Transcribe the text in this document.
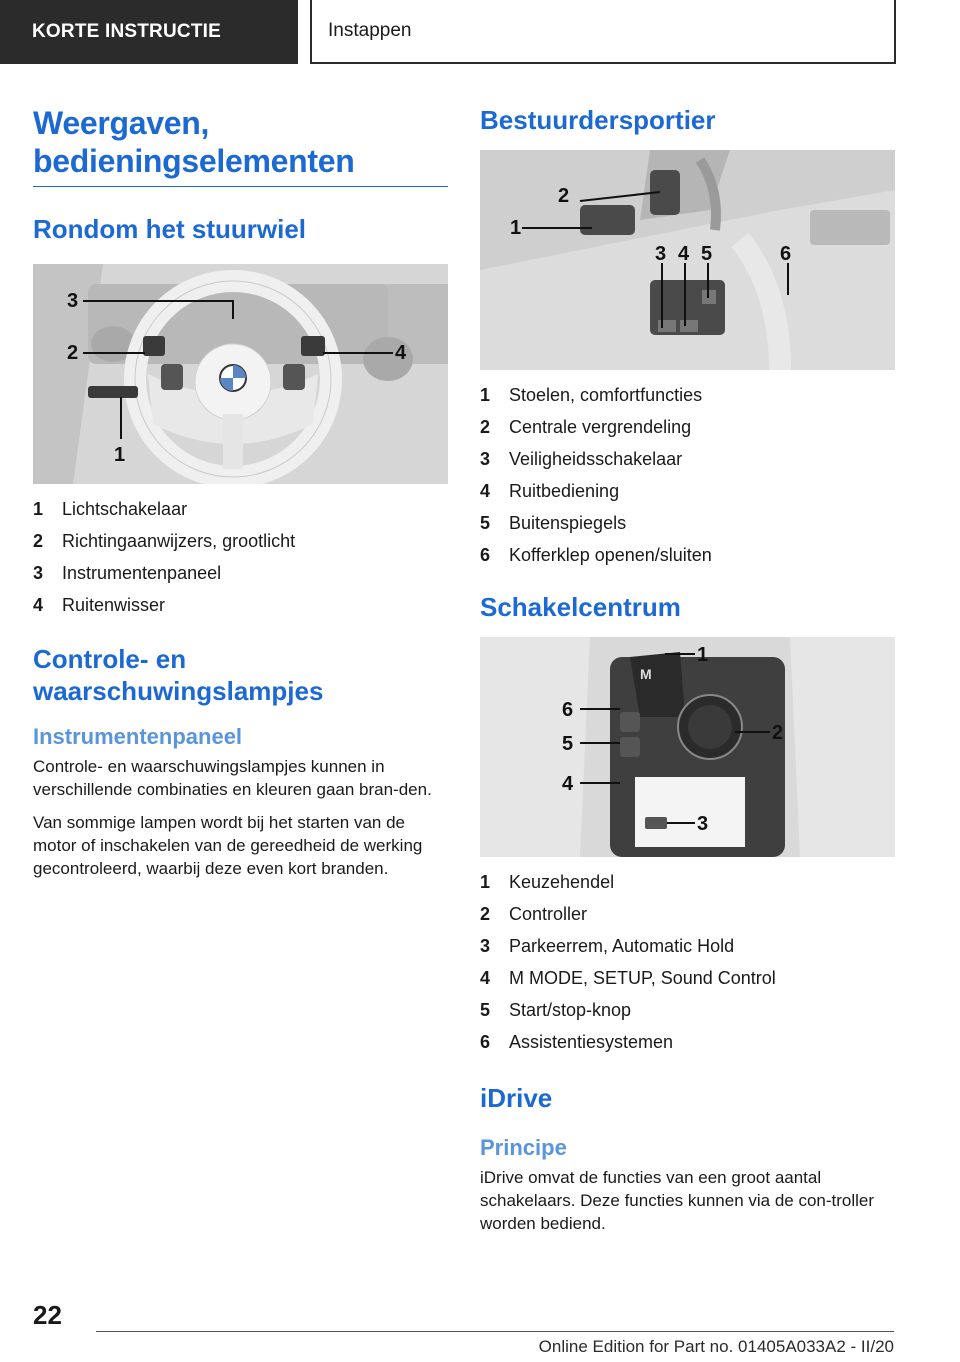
KORTE INSTRUCTIE	Instappen
Weergaven, bedieningselementen
Rondom het stuurwiel
3
2	4
1
1	Lichtschakelaar
2	Richtingaanwijzers, grootlicht
3	Instrumentenpaneel
4	Ruitenwisser
Controle- en waarschuwingslampjes
Instrumentenpaneel

Controle- en waarschuwingslampjes kunnen in verschillende combinaties en kleuren gaan bran-den.

Van sommige lampen wordt bij het starten van de motor of inschakelen van de gereedheid de werking gecontroleerd, waarbij deze even kort branden.

Bestuurdersportier
2
1
3 4 5	6
1	Stoelen, comfortfuncties
2	Centrale vergrendeling
3	Veiligheidsschakelaar
4	Ruitbediening
5	Buitenspiegels
6	Kofferklep openen/sluiten
Schakelcentrum
M
1
6
5
4
2
3
1	Keuzehendel
2	Controller
3	Parkeerrem, Automatic Hold
4	M MODE, SETUP, Sound Control
5	Start/stop-knop
6	Assistentiesystemen
iDrive
Principe

iDrive omvat de functies van een groot aantal schakelaars. Deze functies kunnen via de con-troller worden bediend.

22
Online Edition for Part no. 01405A033A2 - II/20
